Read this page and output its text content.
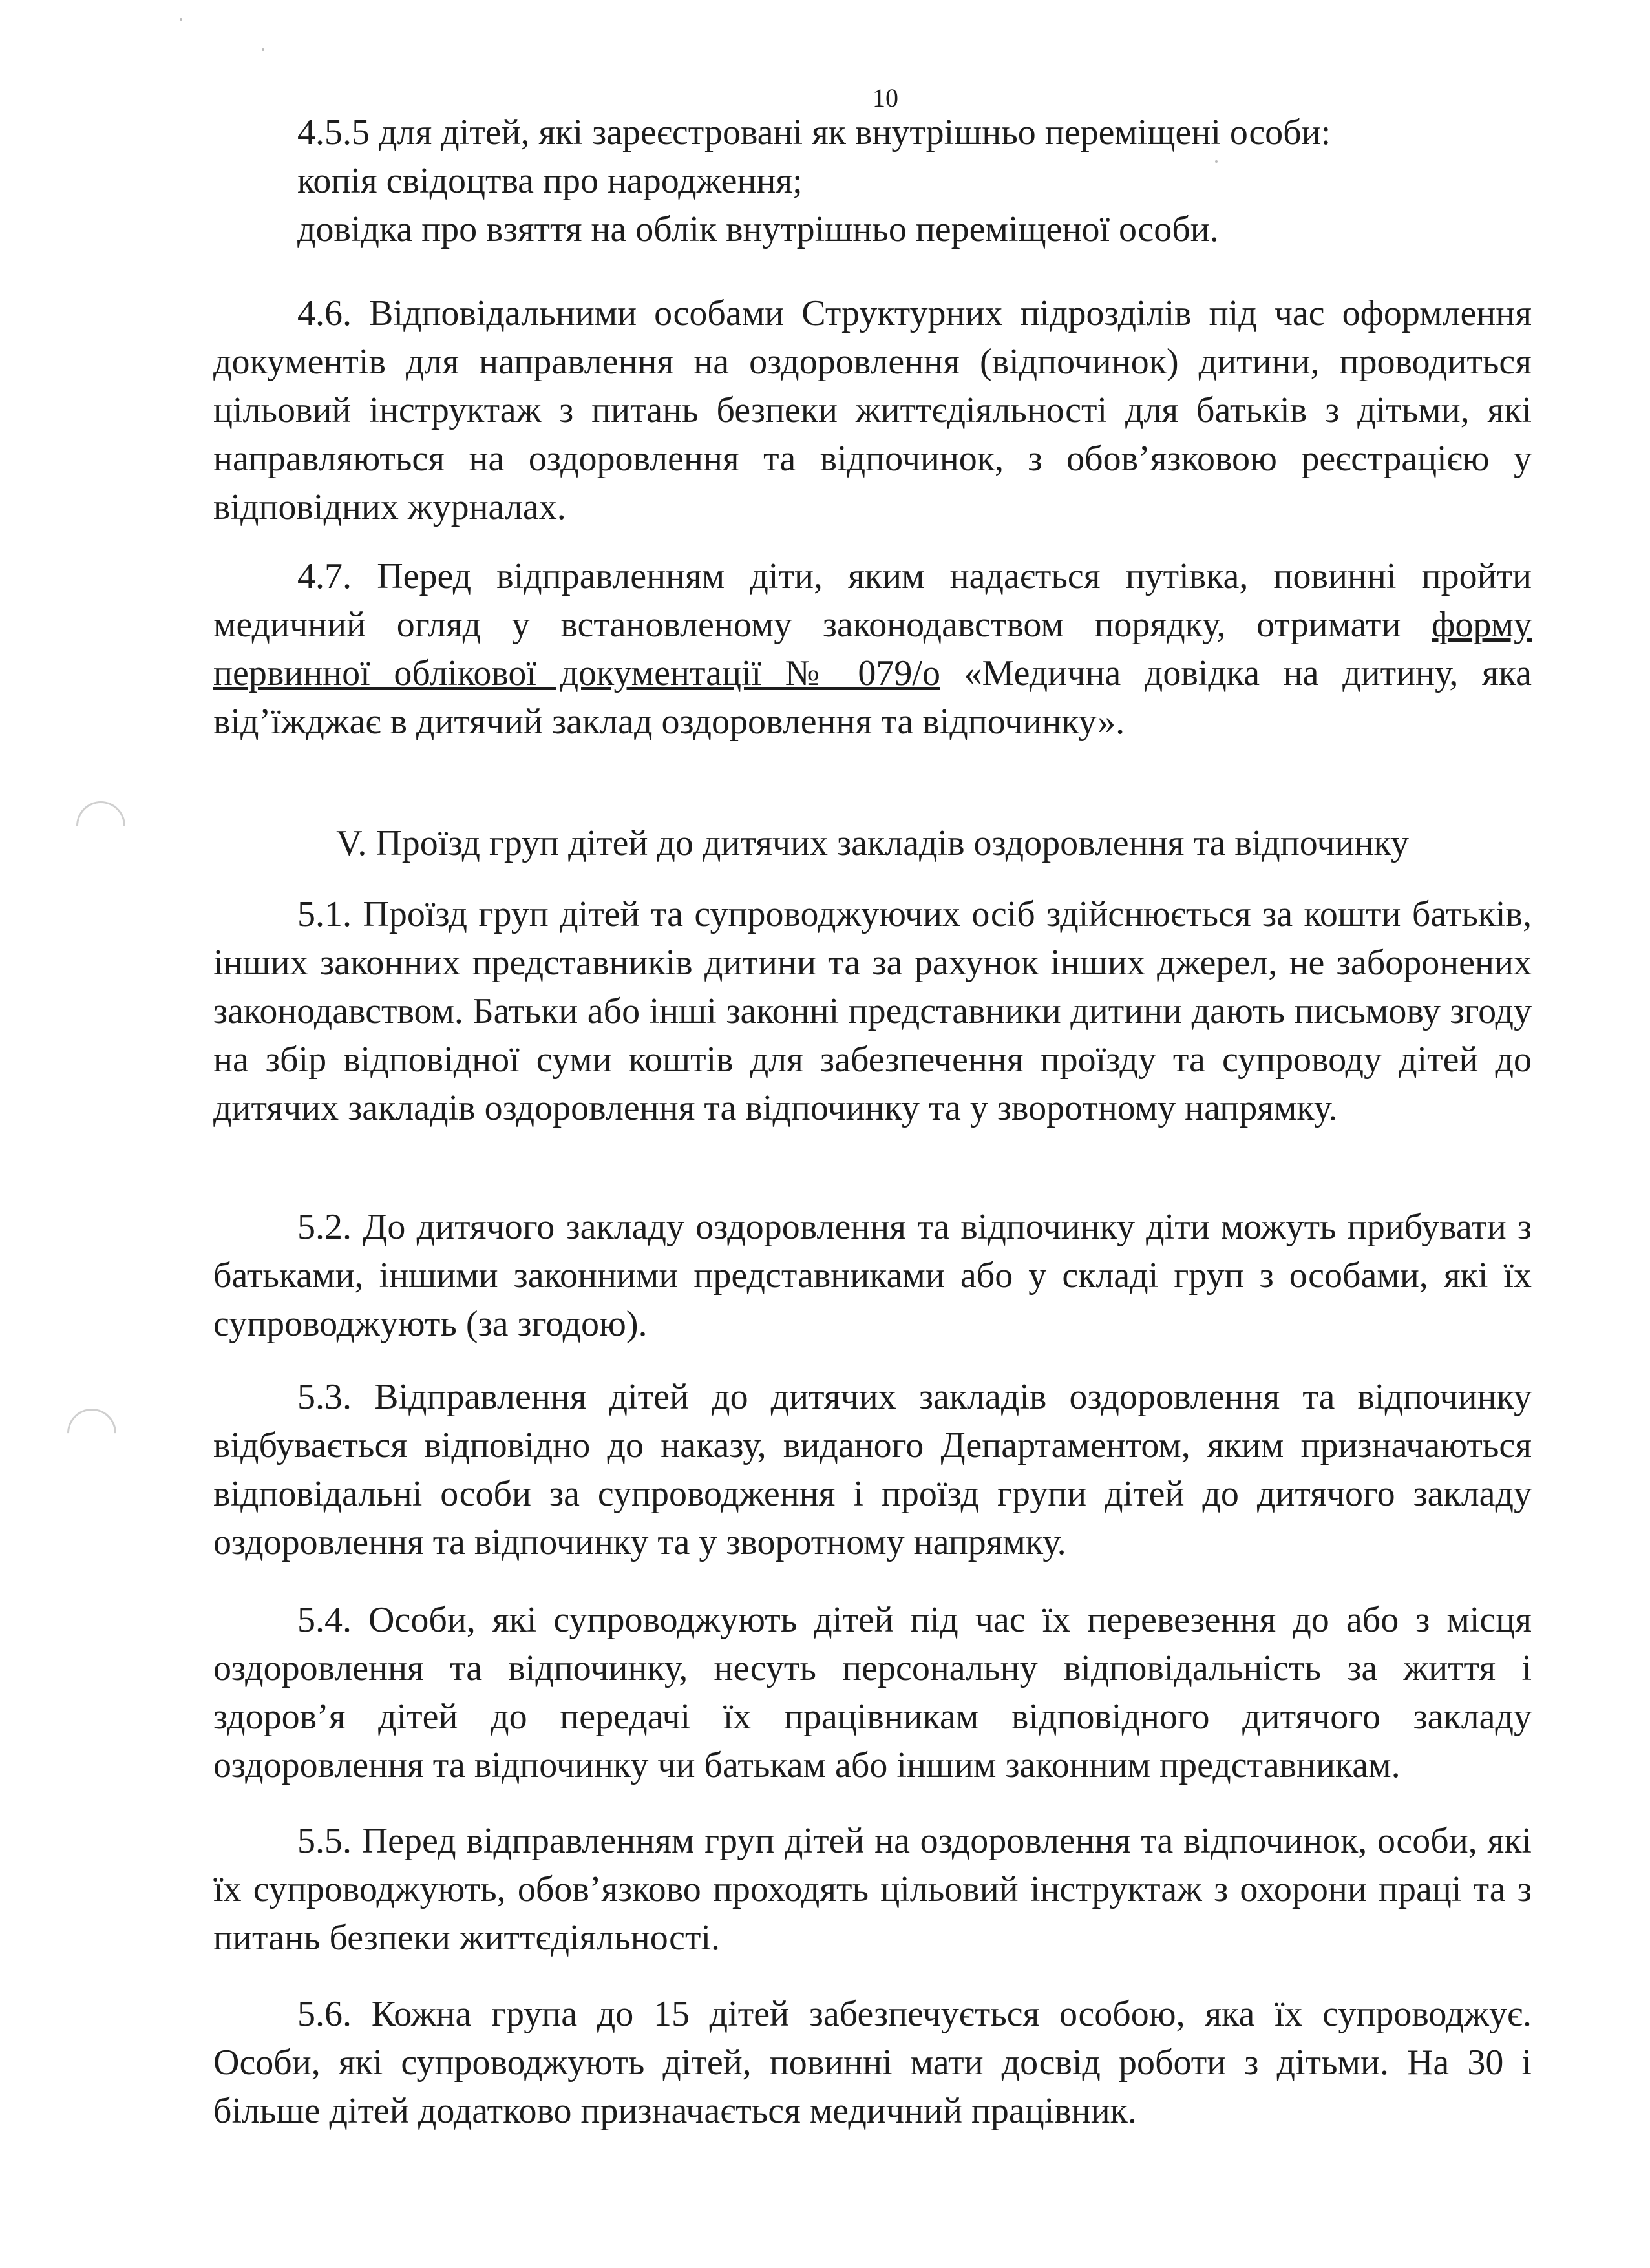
10

4.5.5 для дітей, які зареєстровані як внутрішньо переміщені особи:

копія свідоцтва про народження;

довідка про взяття на облік внутрішньо переміщеної особи.

4.6. Відповідальними особами Структурних підрозділів під час оформлення документів для направлення на оздоровлення (відпочинок) дитини, проводиться цільовий інструктаж з питань безпеки життєдіяльності для батьків з дітьми, які направляються на оздоровлення та відпочинок, з обов’язковою реєстрацією у відповідних журналах.

4.7. Перед відправленням діти, яким надається путівка, повинні пройти медичний огляд у встановленому законодавством порядку, отримати форму первинної облікової документації № 079/о «Медична довідка на дитину, яка від’їжджає в дитячий заклад оздоровлення та відпочинку».

V. Проїзд груп дітей до дитячих закладів оздоровлення та відпочинку

5.1. Проїзд груп дітей та супроводжуючих осіб здійснюється за кошти батьків, інших законних представників дитини та за рахунок інших джерел, не заборонених законодавством. Батьки або інші законні представники дитини дають письмову згоду на збір відповідної суми коштів для забезпечення проїзду та супроводу дітей до дитячих закладів оздоровлення та відпочинку та у зворотному напрямку.

5.2. До дитячого закладу оздоровлення та відпочинку діти можуть прибувати з батьками, іншими законними представниками або у складі груп з особами, які їх супроводжують (за згодою).

5.3. Відправлення дітей до дитячих закладів оздоровлення та відпочинку відбувається відповідно до наказу, виданого Департаментом, яким призначаються відповідальні особи за супроводження і проїзд групи дітей до дитячого закладу оздоровлення та відпочинку та у зворотному напрямку.

5.4. Особи, які супроводжують дітей під час їх перевезення до або з місця оздоровлення та відпочинку, несуть персональну відповідальність за життя і здоров’я дітей до передачі їх працівникам відповідного дитячого закладу оздоровлення та відпочинку чи батькам або іншим законним представникам.

5.5. Перед відправленням груп дітей на оздоровлення та відпочинок, особи, які їх супроводжують, обов’язково проходять цільовий інструктаж з охорони праці та з питань безпеки життєдіяльності.

5.6. Кожна група до 15 дітей забезпечується особою, яка їх супроводжує. Особи, які супроводжують дітей, повинні мати досвід роботи з дітьми. На 30 і більше дітей додатково призначається медичний працівник.
